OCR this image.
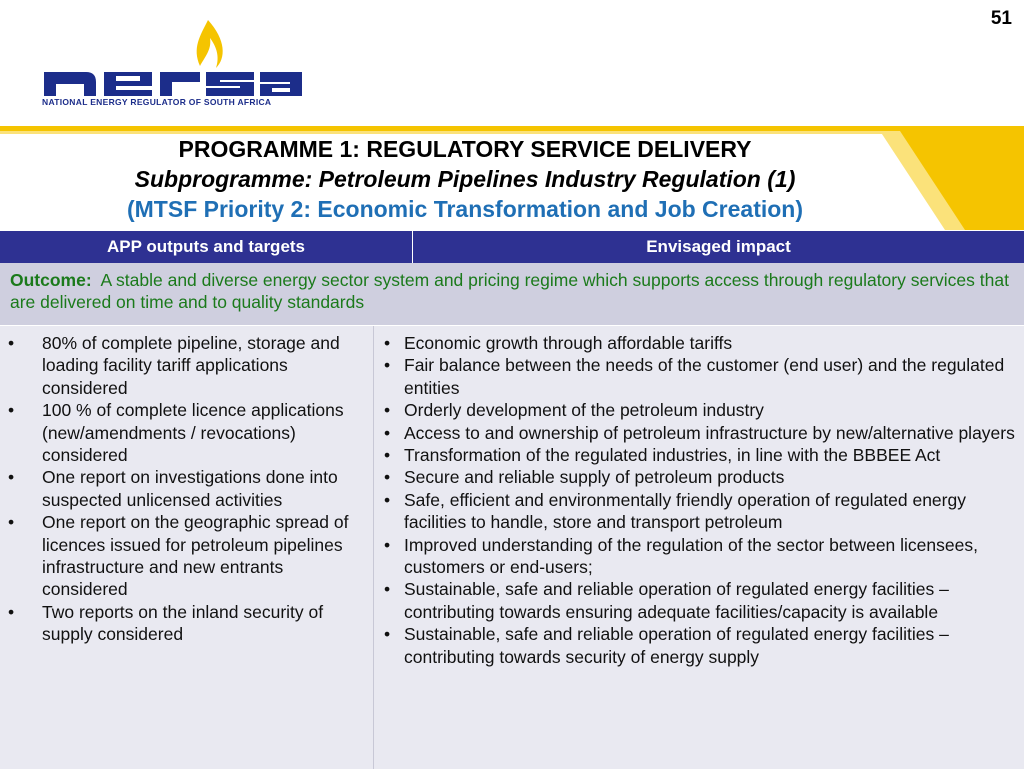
51
NATIONAL ENERGY REGULATOR OF SOUTH AFRICA
PROGRAMME 1: REGULATORY SERVICE DELIVERY
Subprogramme: Petroleum Pipelines Industry Regulation (1)
(MTSF Priority 2: Economic Transformation and Job Creation)
APP outputs and targets	Envisaged impact
Outcome: A stable and diverse energy sector system and pricing regime which supports access through regulatory services that are delivered on time and to quality standards
• 80% of complete pipeline, storage and loading facility tariff applications considered
• 100 % of complete licence applications (new/amendments / revocations) considered
• One report on investigations done into suspected unlicensed activities
• One report on the geographic spread of licences issued for petroleum pipelines infrastructure and new entrants considered
• Two reports on the inland security of supply considered
• Economic growth through affordable tariffs
• Fair balance between the needs of the customer (end user) and the regulated entities
• Orderly development of the petroleum industry
• Access to and ownership of petroleum infrastructure by new/alternative players
• Transformation of the regulated industries, in line with the BBBEE Act
• Secure and reliable supply of petroleum products
• Safe, efficient and environmentally friendly operation of regulated energy facilities to handle, store and transport petroleum
• Improved understanding of the regulation of the sector between licensees, customers or end-users;
• Sustainable, safe and reliable operation of regulated energy facilities – contributing towards ensuring adequate facilities/capacity is available
• Sustainable, safe and reliable operation of regulated energy facilities – contributing towards security of energy supply
